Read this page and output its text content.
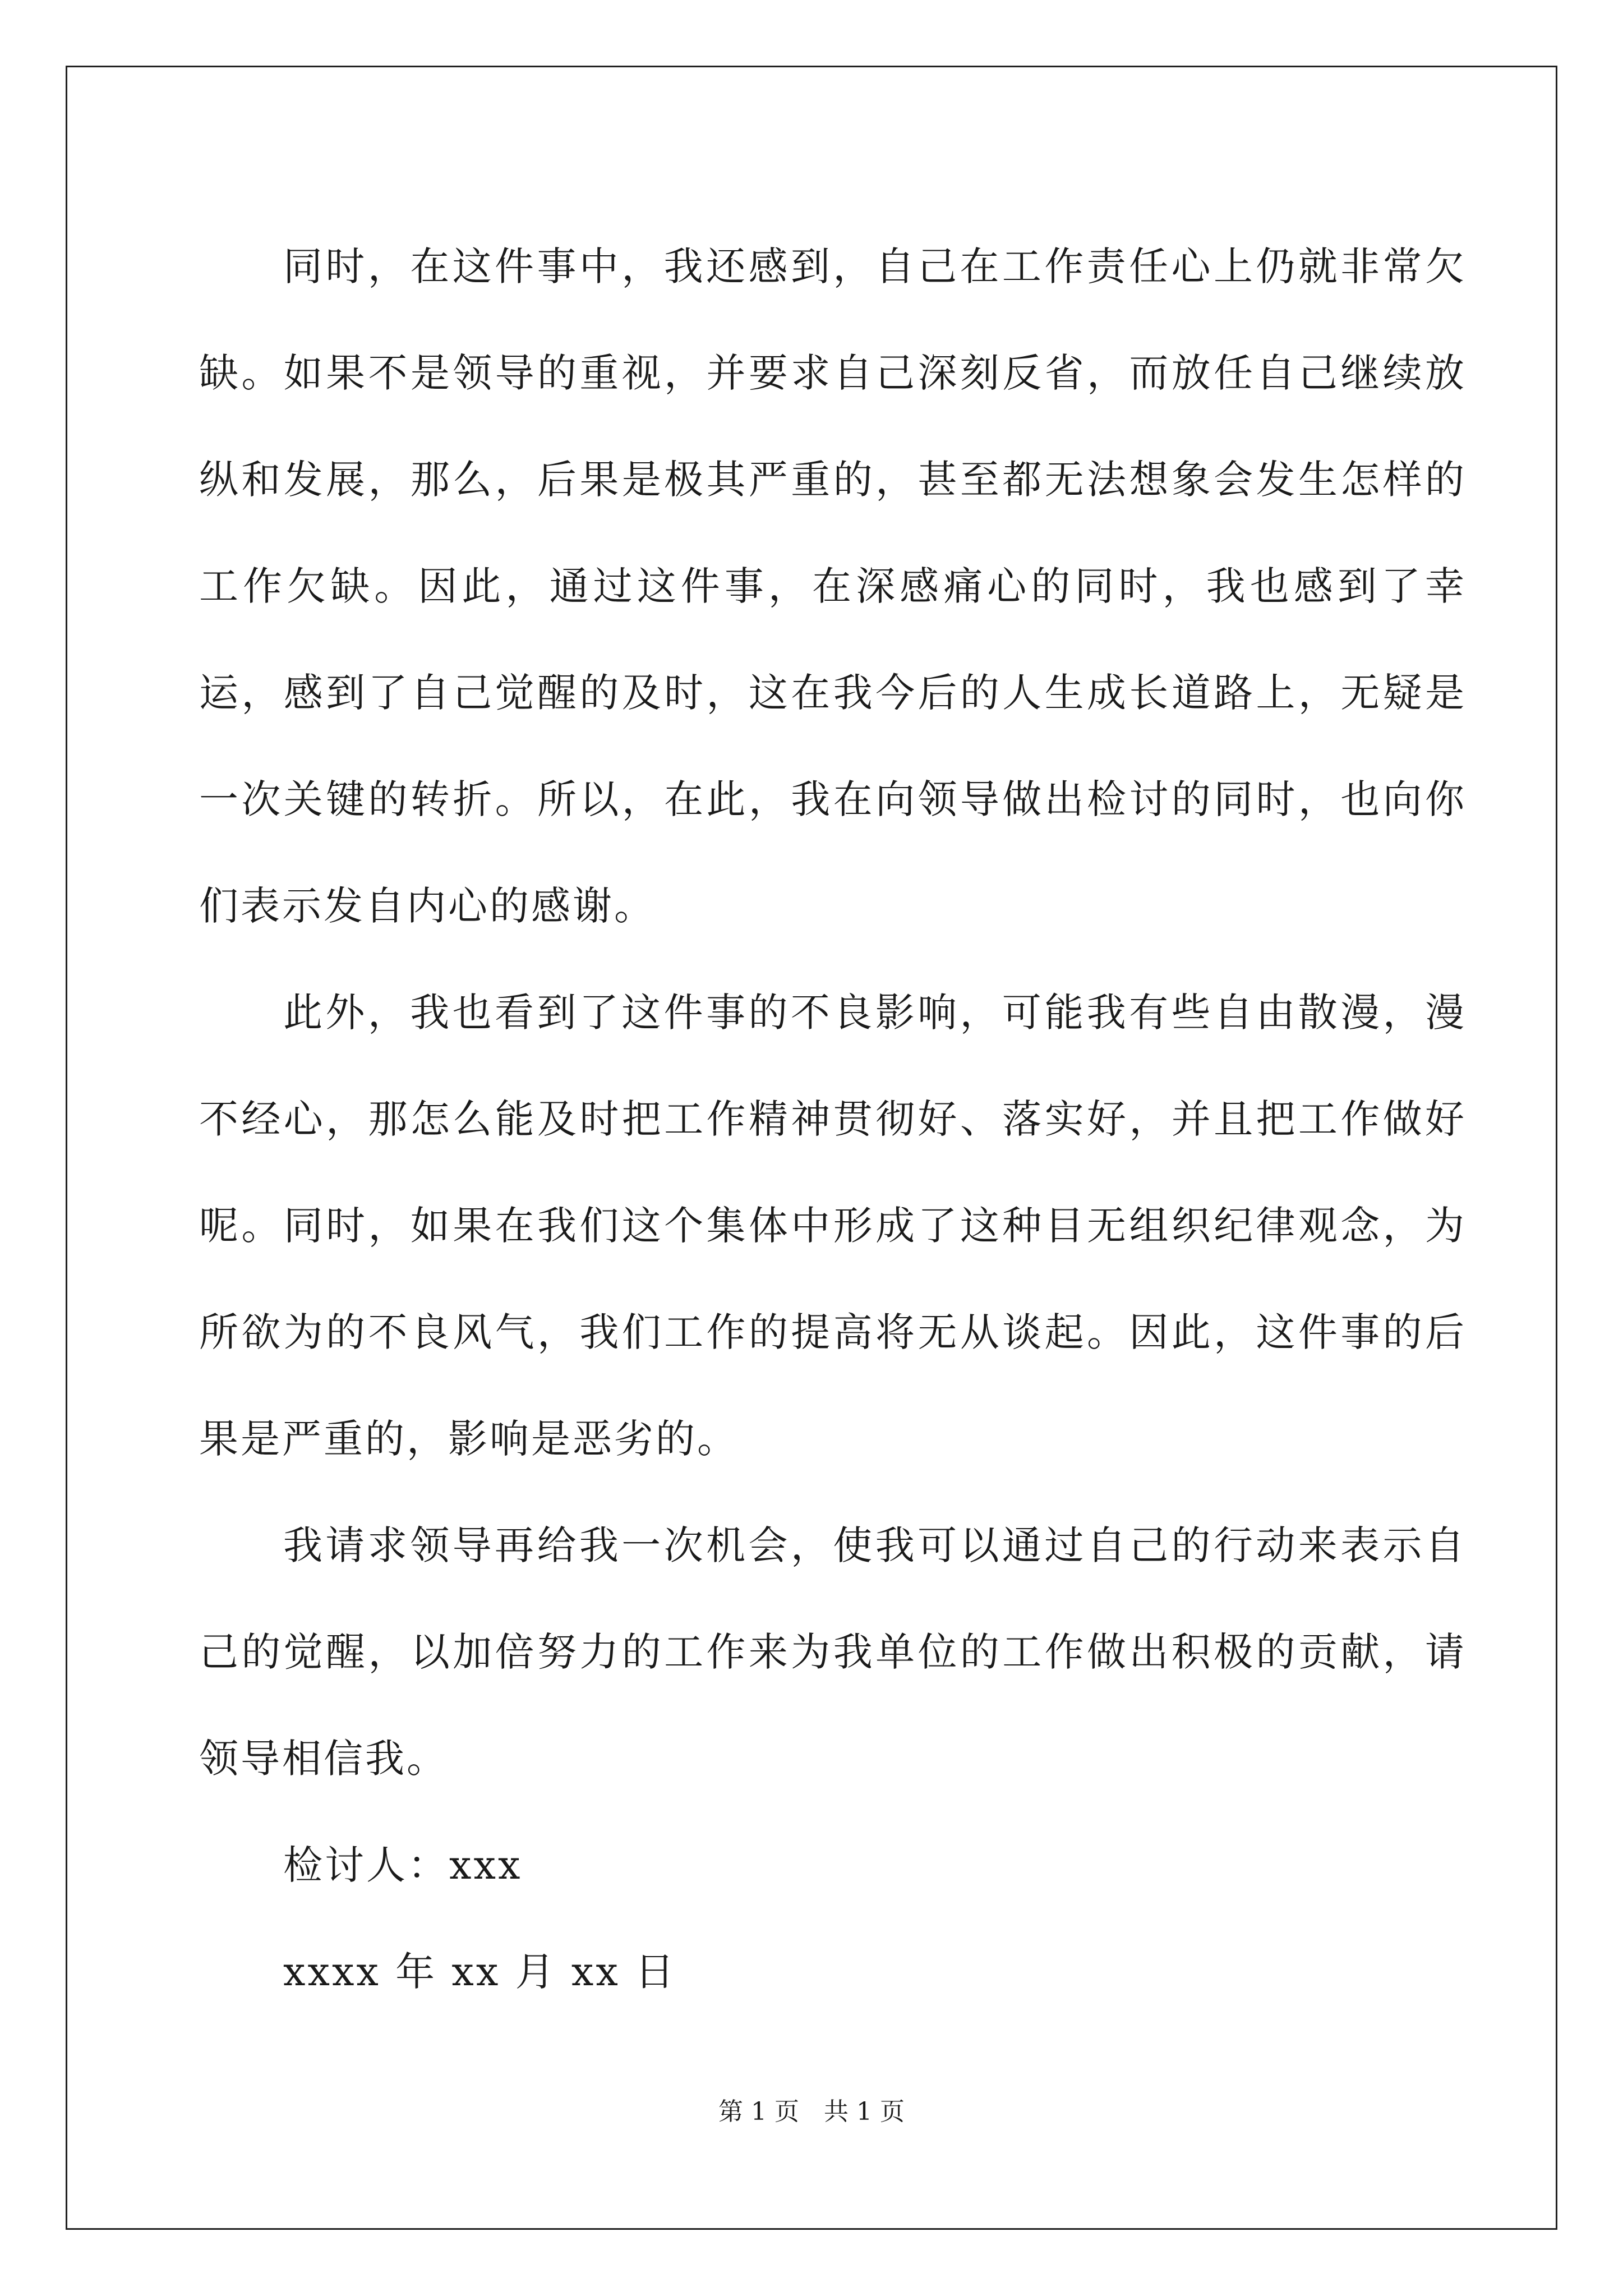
同时，在这件事中，我还感到，自己在工作责任心上仍就非常欠缺。如果不是领导的重视，并要求自己深刻反省，而放任自己继续放纵和发展，那么，后果是极其严重的，甚至都无法想象会发生怎样的工作欠缺。因此，通过这件事，在深感痛心的同时，我也感到了幸运，感到了自己觉醒的及时，这在我今后的人生成长道路上，无疑是一次关键的转折。所以，在此，我在向领导做出检讨的同时，也向你们表示发自内心的感谢。

此外，我也看到了这件事的不良影响，可能我有些自由散漫，漫不经心，那怎么能及时把工作精神贯彻好、落实好，并且把工作做好呢。同时，如果在我们这个集体中形成了这种目无组织纪律观念，为所欲为的不良风气，我们工作的提高将无从谈起。因此，这件事的后果是严重的，影响是恶劣的。

我请求领导再给我一次机会，使我可以通过自己的行动来表示自己的觉醒，以加倍努力的工作来为我单位的工作做出积极的贡献，请领导相信我。

检讨人：xxx

xxxx 年 xx 月 xx 日

第 1 页　共 1 页
